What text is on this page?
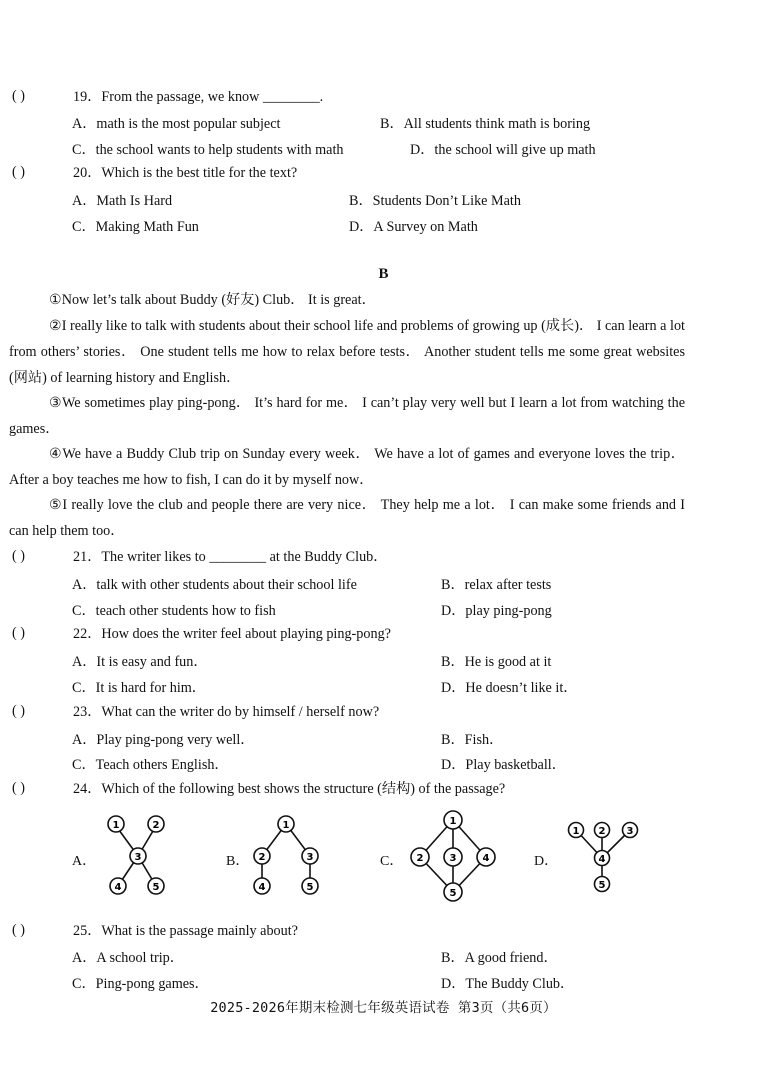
( )	19．From the passage, we know ________.
A．math is the most popular subject	B．All students think math is boring
C．the school wants to help students with math	D．the school will give up math
( )	20．Which is the best title for the text?
A．Math Is Hard	B．Students Don’t Like Math
C．Making Math Fun	D．A Survey on Math
B
①Now let’s talk about Buddy (好友) Club． It is great．
②I really like to talk with students about their school life and problems of growing up (成长)． I can learn a lot from others’ stories． One student tells me how to relax before tests． Another student tells me some great websites (网站) of learning history and English．
③We sometimes play ping-pong． It’s hard for me． I can’t play very well but I learn a lot from watching the games．
④We have a Buddy Club trip on Sunday every week． We have a lot of games and everyone loves the trip． After a boy teaches me how to fish, I can do it by myself now．
⑤I really love the club and people there are very nice． They help me a lot． I can make some friends and I can help them too．
( )	21．The writer likes to ________ at the Buddy Club．
A．talk with other students about their school life	B．relax after tests
C．teach other students how to fish	D．play ping-pong
( )	22．How does the writer feel about playing ping-pong?
A．It is easy and fun．	B．He is good at it
C．It is hard for him．	D．He doesn’t like it．
( )	23．What can the writer do by himself / herself now?
A．Play ping-pong very well．	B．Fish．
C．Teach others English．	D．Play basketball．
( )	24．Which of the following best shows the structure (结构) of the passage?
A．
1	2
3
4	5
B．
1
2	3
4	5
C．
1
2	3	4
5
D．
1 2 3
4
5
( )	25．What is the passage mainly about?
A．A school trip．	B．A good friend．
C．Ping-pong games．	D．The Buddy Club．
2025-2026年期末检测七年级英语试卷 第3页（共6页）
